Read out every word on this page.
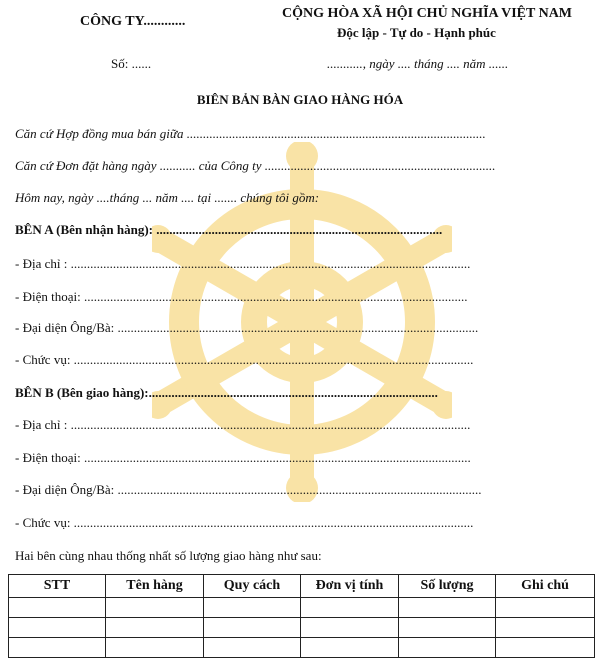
CÔNG TY............
Số: ......
CỘNG HÒA XÃ HỘI CHỦ NGHĨA VIỆT NAM
Độc lập - Tự do - Hạnh phúc
..........., ngày .... tháng .... năm ......
BIÊN BẢN BÀN GIAO HÀNG HÓA
Căn cứ Hợp đồng mua bán giữa ............................................................................................
Căn cứ Đơn đặt hàng ngày ........... của Công ty .......................................................................
Hôm nay, ngày ....tháng ... năm .... tại ....... chúng tôi gồm:
BÊN A (Bên nhận hàng): ........................................................................................
- Địa chỉ : ...........................................................................................................................
- Điện thoại: ......................................................................................................................
- Đại diện Ông/Bà: ...............................................................................................................
- Chức vụ: ...........................................................................................................................
BÊN B (Bên giao hàng):.........................................................................................
- Địa chỉ : ...........................................................................................................................
- Điện thoại: .......................................................................................................................
- Đại diện Ông/Bà: ................................................................................................................
- Chức vụ: ...........................................................................................................................
Hai bên cùng nhau thống nhất số lượng giao hàng như sau:
STT	Tên hàng	Quy cách	Đơn vị tính	Số lượng	Ghi chú
